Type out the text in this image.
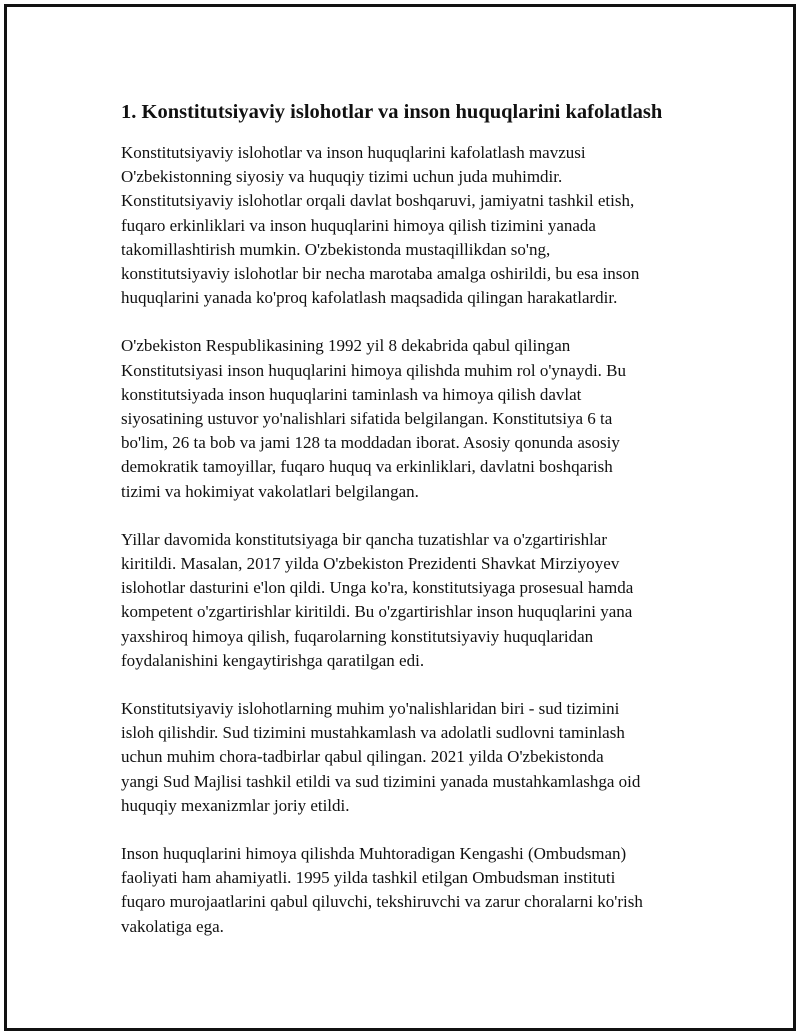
1. Konstitutsiyaviy islohotlar va inson huquqlarini kafolatlash

Konstitutsiyaviy islohotlar va inson huquqlarini kafolatlash mavzusi
O'zbekistonning siyosiy va huquqiy tizimi uchun juda muhimdir.
Konstitutsiyaviy islohotlar orqali davlat boshqaruvi, jamiyatni tashkil etish,
fuqaro erkinliklari va inson huquqlarini himoya qilish tizimini yanada
takomillashtirish mumkin. O'zbekistonda mustaqillikdan so'ng,
konstitutsiyaviy islohotlar bir necha marotaba amalga oshirildi, bu esa inson
huquqlarini yanada ko'proq kafolatlash maqsadida qilingan harakatlardir.

O'zbekiston Respublikasining 1992 yil 8 dekabrida qabul qilingan
Konstitutsiyasi inson huquqlarini himoya qilishda muhim rol o'ynaydi. Bu
konstitutsiyada inson huquqlarini taminlash va himoya qilish davlat
siyosatining ustuvor yo'nalishlari sifatida belgilangan. Konstitutsiya 6 ta
bo'lim, 26 ta bob va jami 128 ta moddadan iborat. Asosiy qonunda asosiy
demokratik tamoyillar, fuqaro huquq va erkinliklari, davlatni boshqarish
tizimi va hokimiyat vakolatlari belgilangan.

Yillar davomida konstitutsiyaga bir qancha tuzatishlar va o'zgartirishlar
kiritildi. Masalan, 2017 yilda O'zbekiston Prezidenti Shavkat Mirziyoyev
islohotlar dasturini e'lon qildi. Unga ko'ra, konstitutsiyaga prosesual hamda
kompetent o'zgartirishlar kiritildi. Bu o'zgartirishlar inson huquqlarini yana
yaxshiroq himoya qilish, fuqarolarning konstitutsiyaviy huquqlaridan
foydalanishini kengaytirishga qaratilgan edi.

Konstitutsiyaviy islohotlarning muhim yo'nalishlaridan biri - sud tizimini
isloh qilishdir. Sud tizimini mustahkamlash va adolatli sudlovni taminlash
uchun muhim chora-tadbirlar qabul qilingan. 2021 yilda O'zbekistonda
yangi Sud Majlisi tashkil etildi va sud tizimini yanada mustahkamlashga oid
huquqiy mexanizmlar joriy etildi.

Inson huquqlarini himoya qilishda Muhtoradigan Kengashi (Ombudsman)
faoliyati ham ahamiyatli. 1995 yilda tashkil etilgan Ombudsman instituti
fuqaro murojaatlarini qabul qiluvchi, tekshiruvchi va zarur choralarni ko'rish
vakolatiga ega.
